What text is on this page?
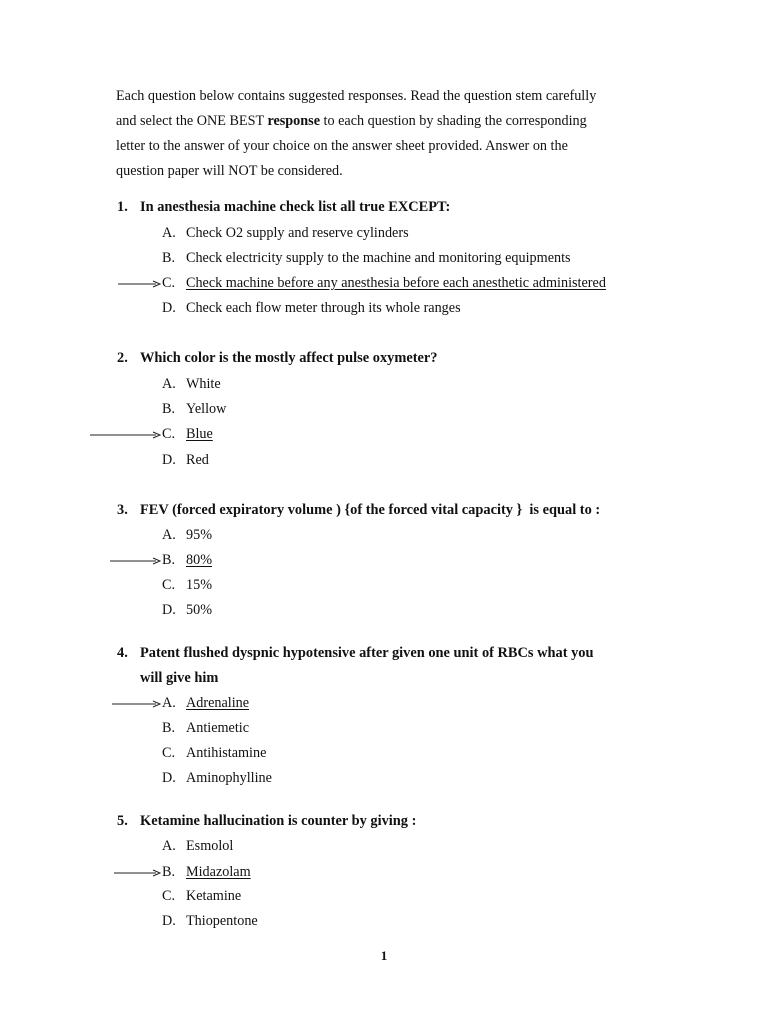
Each question below contains suggested responses. Read the question stem carefully

and select the ONE BEST response to each question by shading the corresponding

letter to the answer of your choice on the answer sheet provided. Answer on the

question paper will NOT be considered.

1. In anesthesia machine check list all true EXCEPT:
A. Check O2 supply and reserve cylinders
B. Check electricity supply to the machine and monitoring equipments
C. Check machine before any anesthesia before each anesthetic administered
D. Check each flow meter through its whole ranges
2. Which color is the mostly affect pulse oxymeter?
A. White
B. Yellow
C. Blue
D. Red
3. FEV (forced expiratory volume ) {of the forced vital capacity }  is equal to :
A. 95%
B. 80%
C. 15%
D. 50%
4. Patent flushed dyspnic hypotensive after given one unit of RBCs what you
will give him
A. Adrenaline
B. Antiemetic
C. Antihistamine
D. Aminophylline
5. Ketamine hallucination is counter by giving :
A. Esmolol
B. Midazolam
C. Ketamine
D. Thiopentone
1
